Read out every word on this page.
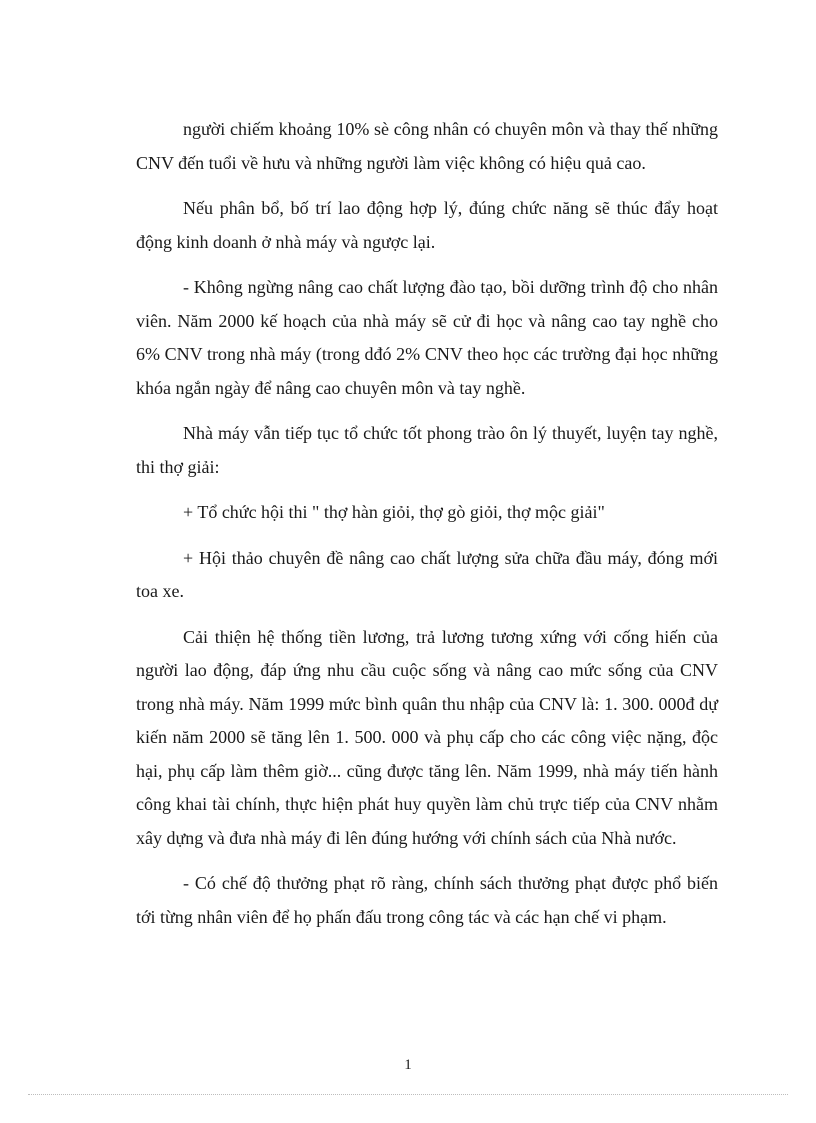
người chiếm khoảng 10% sè công nhân có chuyên môn và thay thế những CNV đến tuổi về hưu và những người làm việc không có hiệu quả cao.

Nếu phân bổ, bố trí lao động hợp lý, đúng chức năng sẽ thúc đẩy hoạt động kinh doanh ở nhà máy và ngược lại.

- Không ngừng nâng cao chất lượng đào tạo, bồi dưỡng trình độ cho nhân viên. Năm 2000 kế hoạch của nhà máy sẽ cử đi học và nâng cao tay nghề cho 6% CNV trong nhà máy (trong dđó 2% CNV theo học các trường đại học những khóa ngắn ngày để nâng cao chuyên môn và tay nghề.

Nhà máy vẫn tiếp tục tổ chức tốt phong trào ôn lý thuyết, luyện tay nghề, thi thợ giải:

+ Tổ chức hội thi " thợ hàn giỏi, thợ gò giỏi, thợ mộc giải"

+ Hội thảo chuyên đề nâng cao chất lượng sửa chữa đầu máy, đóng mới toa xe.

Cải thiện hệ thống tiền lương, trả lương tương xứng với cống hiến của người lao động, đáp ứng nhu cầu cuộc sống và nâng cao mức sống của CNV trong nhà máy. Năm 1999 mức bình quân thu nhập của CNV là: 1. 300. 000đ dự kiến năm 2000 sẽ tăng lên 1. 500. 000 và phụ cấp cho các công việc nặng, độc hại, phụ cấp làm thêm giờ... cũng được tăng lên. Năm 1999, nhà máy tiến hành công khai tài chính, thực hiện phát huy quyền làm chủ trực tiếp của CNV nhằm xây dựng và đưa nhà máy đi lên đúng hướng với chính sách của Nhà nước.

- Có chế độ thưởng phạt rõ ràng, chính sách thưởng phạt được phổ biến tới từng nhân viên để họ phấn đấu trong công tác và các hạn chế vi phạm.

1
